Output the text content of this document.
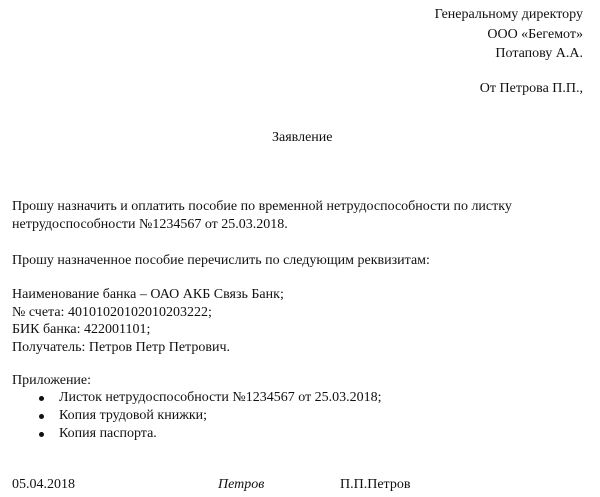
Генеральному директору
ООО «Бегемот»
Потапову А.А.
От Петрова П.П.,
Заявление
Прошу назначить и оплатить пособие по временной нетрудоспособности по листку
нетрудоспособности №1234567 от 25.03.2018.
Прошу назначенное пособие перечислить по следующим реквизитам:
Наименование банка – ОАО АКБ Связь Банк;
№ счета: 40101020102010203222;
БИК банка: 422001101;
Получатель: Петров Петр Петрович.
Приложение:
Листок нетрудоспособности №1234567 от 25.03.2018;
Копия трудовой книжки;
Копия паспорта.
05.04.2018	Петров	П.П.Петров
